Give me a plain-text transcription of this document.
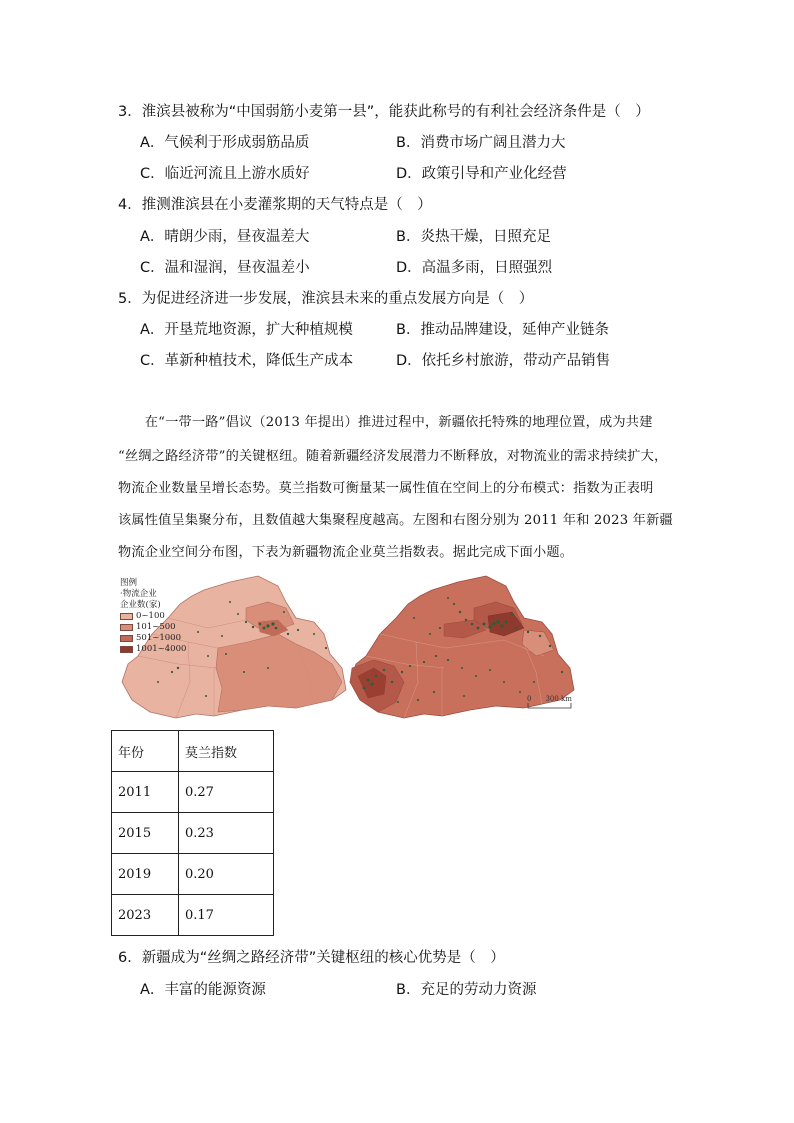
3．淮滨县被称为“中国弱筋小麦第一县”，能获此称号的有利社会经济条件是（　）
A．气候利于形成弱筋品质	B．消费市场广阔且潜力大
C．临近河流且上游水质好	D．政策引导和产业化经营
4．推测淮滨县在小麦灌浆期的天气特点是（　）
A．晴朗少雨，昼夜温差大	B．炎热干燥，日照充足
C．温和湿润，昼夜温差小	D．高温多雨，日照强烈
5．为促进经济进一步发展，淮滨县未来的重点发展方向是（　）
A．开垦荒地资源，扩大种植规模	B．推动品牌建设，延伸产业链条
C．革新种植技术，降低生产成本	D．依托乡村旅游，带动产品销售
　　在“一带一路”倡议（2013 年提出）推进过程中，新疆依托特殊的地理位置，成为共建
“丝绸之路经济带”的关键枢纽。随着新疆经济发展潜力不断释放，对物流业的需求持续扩大，
物流企业数量呈增长态势。莫兰指数可衡量某一属性值在空间上的分布模式：指数为正表明
该属性值呈集聚分布，且数值越大集聚程度越高。左图和右图分别为 2011 年和 2023 年新疆
物流企业空间分布图，下表为新疆物流企业莫兰指数表。据此完成下面小题。
图例
·物流企业
企业数(家)
0~100
101~500
501~1000
1001~4000
0　　300 km
年份	莫兰指数
2011	0.27
2015	0.23
2019	0.20
2023	0.17
6．新疆成为“丝绸之路经济带”关键枢纽的核心优势是（　）
A．丰富的能源资源	B．充足的劳动力资源
